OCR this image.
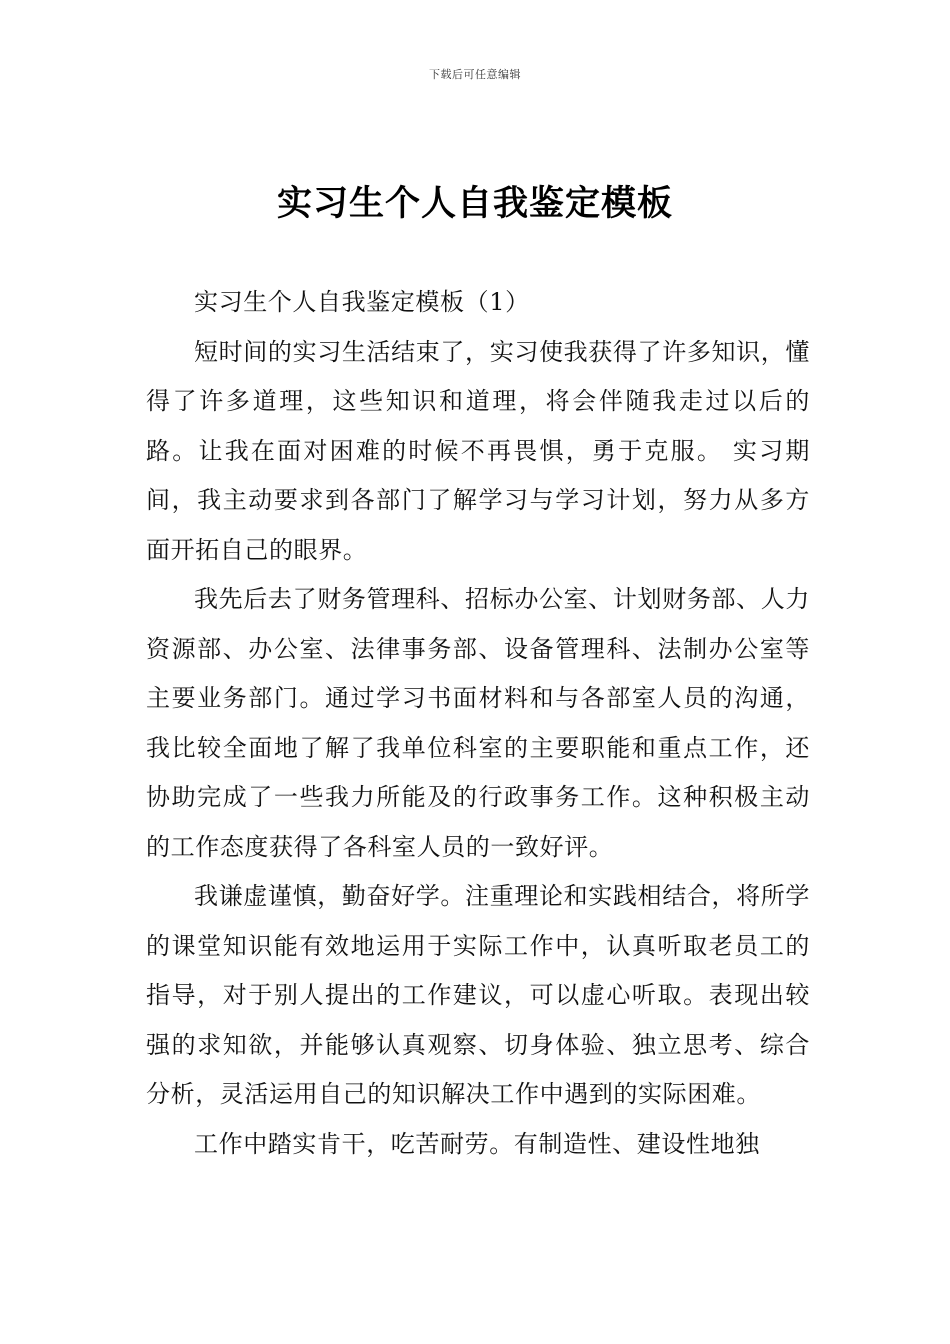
下载后可任意编辑
实习生个人自我鉴定模板

实习生个人自我鉴定模板（1）

短时间的实习生活结束了，实习使我获得了许多知识，懂得了许多道理，这些知识和道理，将会伴随我走过以后的路。让我在面对困难的时候不再畏惧，勇于克服。 实习期间，我主动要求到各部门了解学习与学习计划，努力从多方面开拓自己的眼界。

我先后去了财务管理科、招标办公室、计划财务部、人力资源部、办公室、法律事务部、设备管理科、法制办公室等主要业务部门。通过学习书面材料和与各部室人员的沟通，我比较全面地了解了我单位科室的主要职能和重点工作，还协助完成了一些我力所能及的行政事务工作。这种积极主动的工作态度获得了各科室人员的一致好评。

我谦虚谨慎，勤奋好学。注重理论和实践相结合，将所学的课堂知识能有效地运用于实际工作中，认真听取老员工的指导，对于别人提出的工作建议，可以虚心听取。表现出较强的求知欲，并能够认真观察、切身体验、独立思考、综合分析，灵活运用自己的知识解决工作中遇到的实际困难。

工作中踏实肯干，吃苦耐劳。有制造性、建设性地独
